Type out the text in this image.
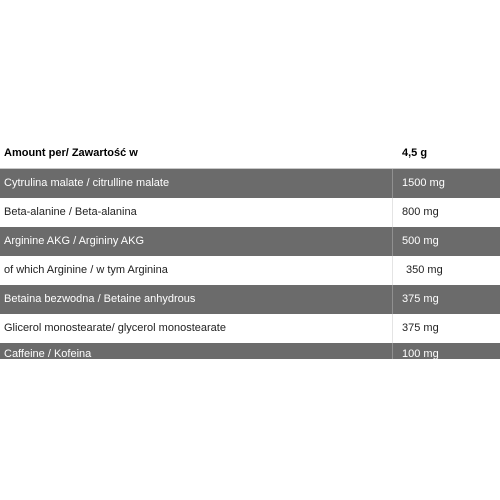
Amount per/ Zawartość w	4,5 g
Cytrulina malate / citrulline malate	1500 mg
Beta-alanine / Beta-alanina	800 mg
Arginine AKG / Argininy AKG	500 mg
of which Arginine / w tym Arginina	350 mg
Betaina bezwodna / Betaine anhydrous	375 mg
Glicerol monostearate/ glycerol monostearate	375 mg
Caffeine / Kofeina	100 mg
